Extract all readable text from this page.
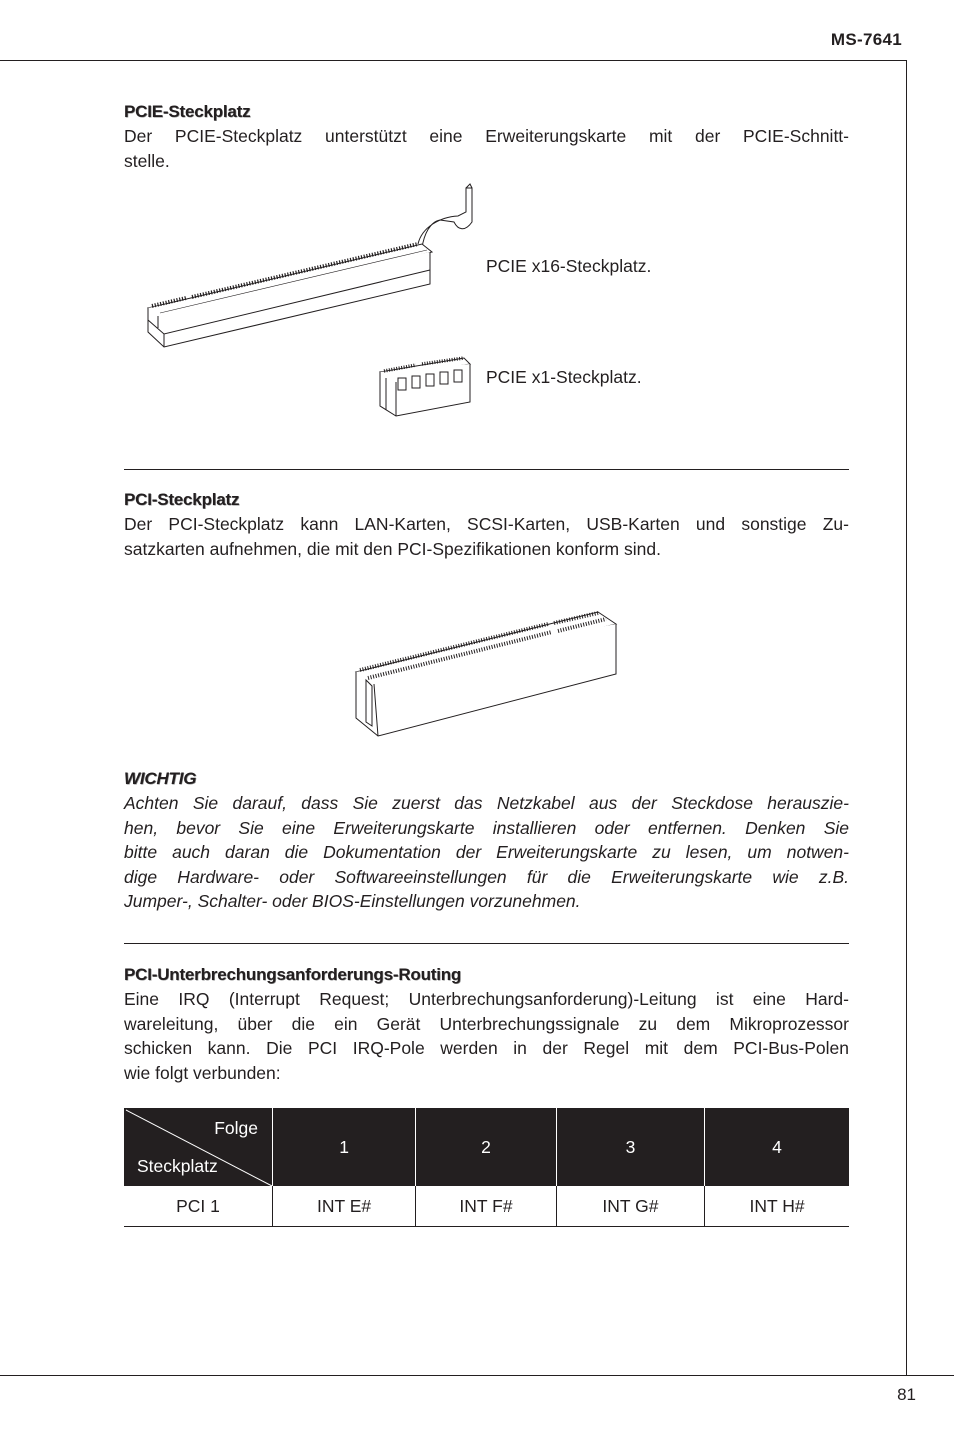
MS-7641
81
PCIE-Steckplatz
Der PCIE-Steckplatz unterstützt eine Erweiterungskarte mit der PCIE-Schnitt-
stelle.
PCIE x16-Steckplatz.
PCIE x1-Steckplatz.
PCI-Steckplatz
Der PCI-Steckplatz kann LAN-Karten, SCSI-Karten, USB-Karten und sonstige Zu-
satzkarten aufnehmen, die mit den PCI-Spezifikationen konform sind.
WICHTIG
Achten Sie darauf, dass Sie zuerst das Netzkabel aus der Steckdose herauszie-
hen, bevor Sie eine Erweiterungskarte installieren oder entfernen. Denken Sie
bitte auch daran die Dokumentation der Erweiterungskarte zu lesen, um notwen-
dige Hardware- oder Softwareeinstellungen für die Erweiterungskarte wie z.B.
Jumper-, Schalter- oder BIOS-Einstellungen vorzunehmen.
PCI-Unterbrechungsanforderungs-Routing
Eine IRQ (Interrupt Request; Unterbrechungsanforderung)-Leitung ist eine Hard-
wareleitung, über die ein Gerät Unterbrechungssignale zu dem Mikroprozessor
schicken kann. Die PCI IRQ-Pole werden in der Regel mit dem PCI-Bus-Polen
wie folgt verbunden:
Folge
Steckplatz	1	2	3	4
PCI 1	INT E#	INT F#	INT G#	INT H#
